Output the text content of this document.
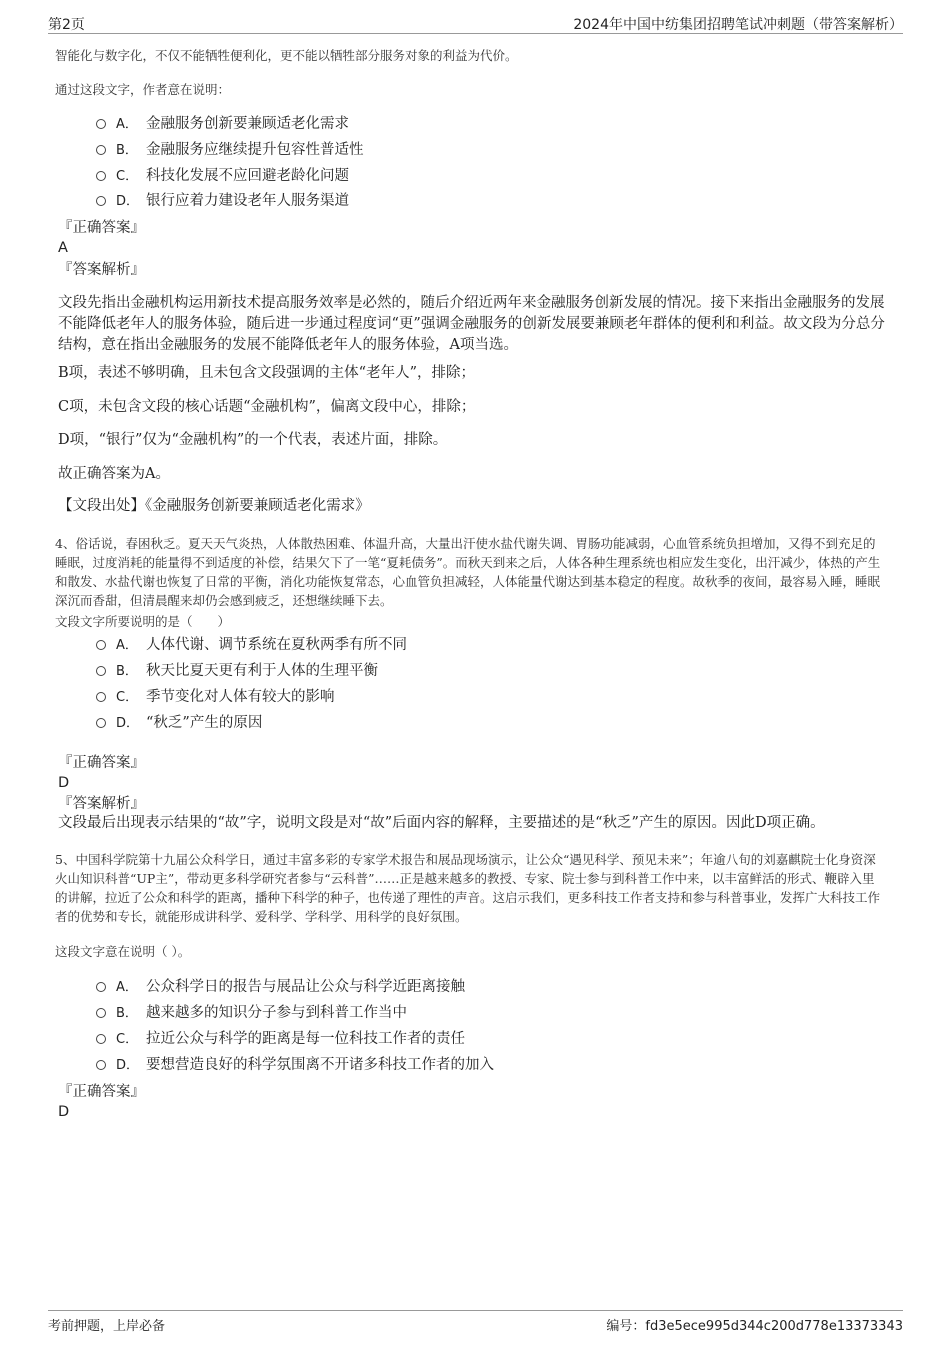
第2页	2024年中国中纺集团招聘笔试冲刺题（带答案解析）
智能化与数字化，不仅不能牺牲便利化，更不能以牺牲部分服务对象的利益为代价。
通过这段文字，作者意在说明：
A． 金融服务创新要兼顾适老化需求
B． 金融服务应继续提升包容性普适性
C． 科技化发展不应回避老龄化问题
D． 银行应着力建设老年人服务渠道
『正确答案』
A
『答案解析』
文段先指出金融机构运用新技术提高服务效率是必然的，随后介绍近两年来金融服务创新发展的情况。接下来指出金融服务的发展不能降低老年人的服务体验，随后进一步通过程度词“更”强调金融服务的创新发展要兼顾老年群体的便利和利益。故文段为分总分结构，意在指出金融服务的发展不能降低老年人的服务体验，A项当选。
B项，表述不够明确，且未包含文段强调的主体“老年人”，排除；
C项，未包含文段的核心话题“金融机构”，偏离文段中心，排除；
D项，“银行”仅为“金融机构”的一个代表，表述片面，排除。
故正确答案为A。
【文段出处】《金融服务创新要兼顾适老化需求》
4、俗话说，春困秋乏。夏天天气炎热，人体散热困难、体温升高，大量出汗使水盐代谢失调、胃肠功能减弱，心血管系统负担增加，又得不到充足的睡眠，过度消耗的能量得不到适度的补偿，结果欠下了一笔“夏耗债务”。而秋天到来之后，人体各种生理系统也相应发生变化，出汗减少，体热的产生和散发、水盐代谢也恢复了日常的平衡，消化功能恢复常态，心血管负担减轻，人体能量代谢达到基本稳定的程度。故秋季的夜间，最容易入睡，睡眠深沉而香甜，但清晨醒来却仍会感到疲乏，还想继续睡下去。
文段文字所要说明的是（　　）
A． 人体代谢、调节系统在夏秋两季有所不同
B． 秋天比夏天更有利于人体的生理平衡
C． 季节变化对人体有较大的影响
D． “秋乏”产生的原因
『正确答案』
D
『答案解析』
文段最后出现表示结果的“故”字，说明文段是对“故”后面内容的解释，主要描述的是“秋乏”产生的原因。因此D项正确。
5、中国科学院第十九届公众科学日，通过丰富多彩的专家学术报告和展品现场演示，让公众“遇见科学、预见未来”；年逾八旬的刘嘉麒院士化身资深火山知识科普“UP主”，带动更多科学研究者参与“云科普”……正是越来越多的教授、专家、院士参与到科普工作中来，以丰富鲜活的形式、鞭辟入里的讲解，拉近了公众和科学的距离，播种下科学的种子，也传递了理性的声音。这启示我们，更多科技工作者支持和参与科普事业，发挥广大科技工作者的优势和专长，就能形成讲科学、爱科学、学科学、用科学的良好氛围。
这段文字意在说明（ ）。
A． 公众科学日的报告与展品让公众与科学近距离接触
B． 越来越多的知识分子参与到科普工作当中
C． 拉近公众与科学的距离是每一位科技工作者的责任
D． 要想营造良好的科学氛围离不开诸多科技工作者的加入
『正确答案』
D
考前押题，上岸必备	编号：fd3e5ece995d344c200d778e13373343
